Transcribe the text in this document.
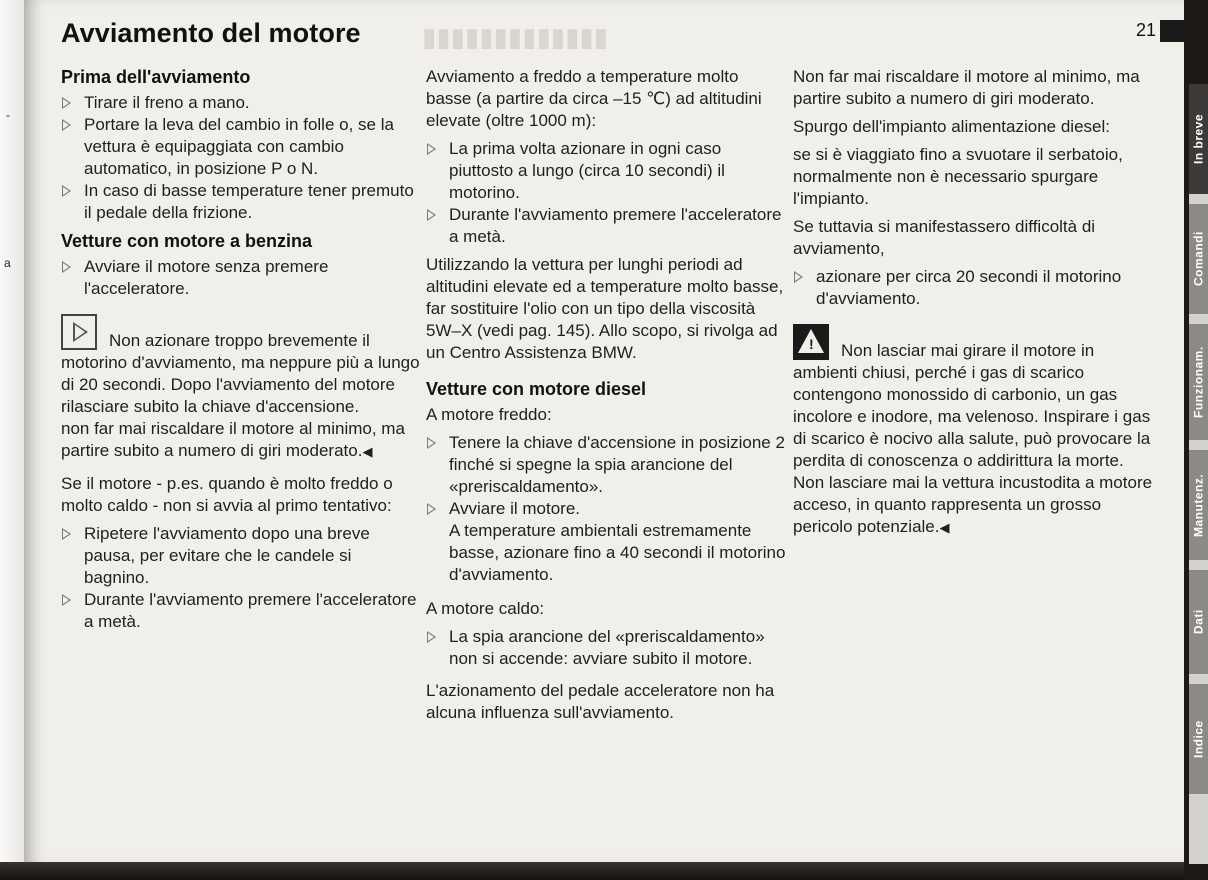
-
a
▮▮▮▮▮▮▮▮▮▮▮▮▮
Avviamento del motore	21
Prima dell'avviamento
Tirare il freno a mano.
Portare la leva del cambio in folle o, se la vettura è equipaggiata con cambio automatico, in posizione P o N.
In caso di basse temperature tener premuto il pedale della frizione.
Vetture con motore a benzina
Avviare il motore senza premere l'acceleratore.
Non azionare troppo brevemente il motorino d'avviamento, ma neppure più a lungo di 20 secondi. Dopo l'avviamento del motore rilasciare subito la chiave d'accensione.
non far mai riscaldare il motore al minimo, ma partire subito a numero di giri moderato.◀
Se il motore - p.es. quando è molto freddo o molto caldo - non si avvia al primo tentativo:
Ripetere l'avviamento dopo una breve pausa, per evitare che le candele si bagnino.
Durante l'avviamento premere l'acceleratore a metà.
Avviamento a freddo a temperature molto basse (a partire da circa –15 ℃) ad altitudini elevate (oltre 1000 m):
La prima volta azionare in ogni caso piuttosto a lungo (circa 10 secondi) il motorino.
Durante l'avviamento premere l'acceleratore a metà.
Utilizzando la vettura per lunghi periodi ad altitudini elevate ed a temperature molto basse, far sostituire l'olio con un tipo della viscosità 5W–X (vedi pag. 145). Allo scopo, si rivolga ad un Centro Assistenza BMW.
Vetture con motore diesel
A motore freddo:
Tenere la chiave d'accensione in posizione 2 finché si spegne la spia arancione del «preriscaldamento».
Avviare il motore.
A temperature ambientali estremamente basse, azionare fino a 40 secondi il motorino d'avviamento.
A motore caldo:
La spia arancione del «preriscaldamento» non si accende: avviare subito il motore.
L'azionamento del pedale acceleratore non ha alcuna influenza sull'avviamento.
Non far mai riscaldare il motore al minimo, ma partire subito a numero di giri moderato.
Spurgo dell'impianto alimentazione diesel:
se si è viaggiato fino a svuotare il serbatoio, normalmente non è necessario spurgare l'impianto.
Se tuttavia si manifestassero difficoltà di avviamento,
azionare per circa 20 secondi il motorino d'avviamento.
! Non lasciar mai girare il motore in ambienti chiusi, perché i gas di scarico contengono monossido di carbonio, un gas incolore e inodore, ma velenoso. Inspirare i gas di scarico è nocivo alla salute, può provocare la perdita di conoscenza o addirittura la morte. Non lasciare mai la vettura incustodita a motore acceso, in quanto rappresenta un grosso pericolo potenziale.◀
In breve
Comandi
Funzionam.
Manutenz.
Dati
Indice
